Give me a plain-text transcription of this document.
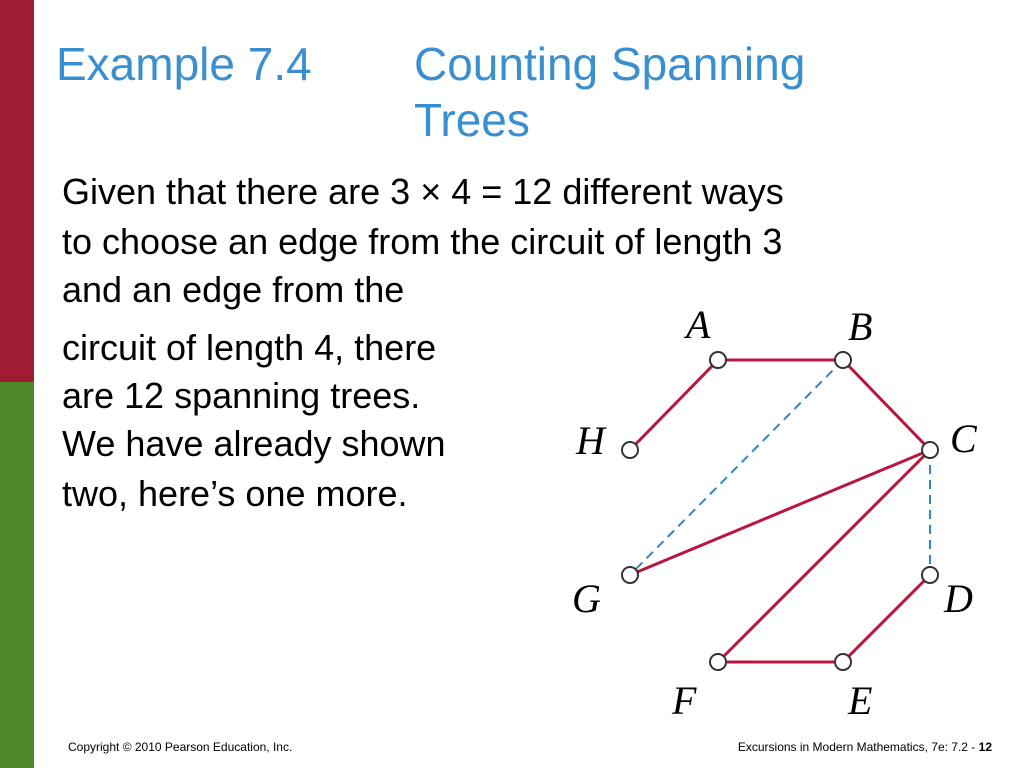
Example 7.4 Counting Spanning Trees
Given that there are 3 × 4 = 12 different ways
to choose an edge from the circuit of length 3
and an edge from the
circuit of length 4, there
are 12 spanning trees.
We have already shown
two, here’s one more.
A	B
C
D
E
F
G
H
Copyright © 2010 Pearson Education, Inc.	Excursions in Modern Mathematics, 7e: 7.2 - 12
